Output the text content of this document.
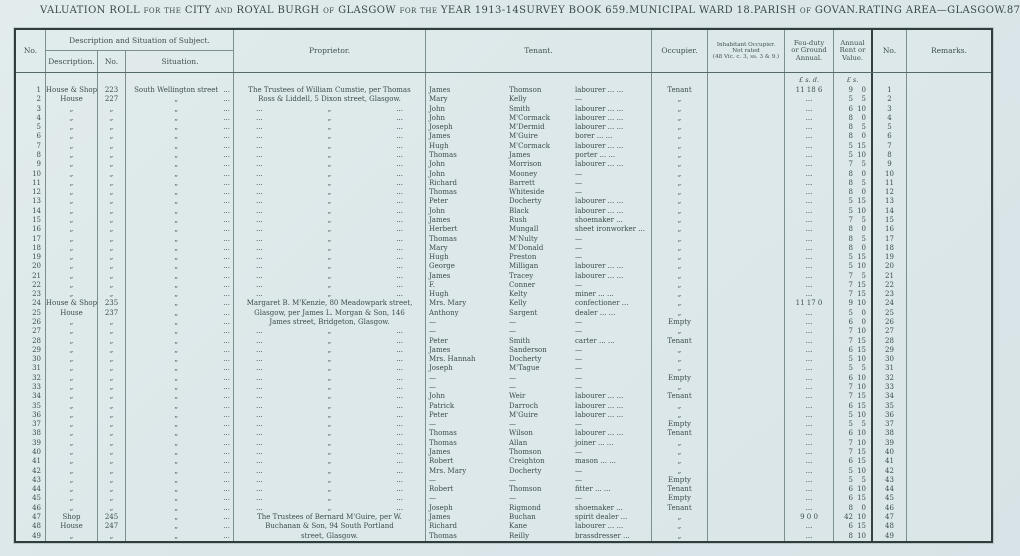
VALUATION ROLL for the CITY and ROYAL BURGH of GLASGOW for the YEAR 1913-14 SURVEY BOOK 659. MUNICIPAL WARD 18. PARISH of GOVAN. RATING AREA—GLASGOW. 87
No.
Description and Situation of Subject.
Description.	No.	Situation.
Proprietor.	Tenant.	Occupier.
Inhabitant Occupier.
Not rated
(48 Vic. c. 3, ss. 3 & 9.)
Feu-duty
or Ground
Annual.
Annual
Rent or
Value.
No.	Remarks.
£ s. d.	£ s.
1 House & Shop	223	South Wellington street ...	The Trustees of William Cumstie, per Thomas	James	Thomson	labourer ... ...	Tenant	11 18 6	9	0	1
2	House	227	„	...	Ross & Liddell, 5 Dixon street, Glasgow.	Mary	Kelly	—	„	...	5	5	2
3	„	„	„	...	...	„	...	John	Smith	labourer ... ...	„	...	6 10	3
4	„	„	„	...	...	„	...	John	M'Cormack	labourer ... ...	„	...	8	0	4
5	„	„	„	...	...	„	...	Joseph	M'Dermid	labourer ... ...	„	...	8	5	5
6	„	„	„	...	...	„	...	James	M'Guire	borer ... ...	„	...	8	0	6
7	„	„	„	...	...	„	...	Hugh	M'Cormack	labourer ... ...	„	...	5 15	7
8	„	„	„	...	...	„	...	Thomas	James	porter ... ...	„	...	5 10	8
9	„	„	„	...	...	„	...	John	Morrison	labourer ... ...	„	...	7	5	9
10	„	„	„	...	...	„	...	John	Mooney	—	„	...	8	0	10
11	„	„	„	...	...	„	...	Richard	Barrett	—	„	...	8	5	11
12	„	„	„	...	...	„	...	Thomas	Whiteside	—	„	...	8	0	12
13	„	„	„	...	...	„	...	Peter	Docherty	labourer ... ...	„	...	5 15	13
14	„	„	„	...	...	„	...	John	Black	labourer ... ...	„	...	5 10	14
15	„	„	„	...	...	„	...	James	Rush	shoemaker ...	„	...	7	5	15
16	„	„	„	...	...	„	...	Herbert	Mungall	sheet ironworker ...	„	...	8	0	16
17	„	„	„	...	...	„	...	Thomas	M'Nulty	—	„	...	8	5	17
18	„	„	„	...	...	„	...	Mary	M'Donald	—	„	...	8	0	18
19	„	„	„	...	...	„	...	Hugh	Preston	—	„	...	5 15	19
20	„	„	„	...	...	„	...	George	Milligan	labourer ... ...	„	...	5 10	20
21	„	„	„	...	...	„	...	James	Tracey	labourer ... ...	„	...	7	5	21
22	„	„	„	...	...	„	...	F.	Conner	—	„	...	7 15	22
23	„	„	„	...	...	„	...	Hugh	Kelty	miner ... ...	„	...	7 15	23
24 House & Shop	235	„	...	Margaret B. M'Kenzie, 80 Meadowpark street,	Mrs. Mary	Kelly	confectioner ...	„	11 17 0	9 10	24
25	House	237	„	...	Glasgow, per James L. Morgan & Son, 146	Anthony	Sargent	dealer ... ...	„	...	5	0	25
26	„	„	„	...	James street, Bridgeton, Glasgow.	—	—	—	Empty	...	6	0	26
27	„	„	„	...	...	„	...	—	—	—	„	...	7 10	27
28	„	„	„	...	...	„	...	Peter	Smith	carter ... ...	Tenant	...	7 15	28
29	„	„	„	...	...	„	...	James	Sanderson	—	„	...	6 15	29
30	„	„	„	...	...	„	...	Mrs. Hannah	Docherty	—	„	...	5 10	30
31	„	„	„	...	...	„	...	Joseph	M'Tague	—	„	...	5	5	31
32	„	„	„	...	...	„	...	—	—	—	Empty	...	6 10	32
33	„	„	„	...	...	„	...	—	—	—	„	...	7 10	33
34	„	„	„	...	...	„	...	John	Weir	labourer ... ...	Tenant	...	7 15	34
35	„	„	„	...	...	„	...	Patrick	Darroch	labourer ... ...	„	...	6 15	35
36	„	„	„	...	...	„	...	Peter	M'Guire	labourer ... ...	„	...	5 10	36
37	„	„	„	...	...	„	...	—	—	—	Empty	...	5	5	37
38	„	„	„	...	...	„	...	Thomas	Wilson	labourer ... ...	Tenant	...	6 10	38
39	„	„	„	...	...	„	...	Thomas	Allan	joiner ... ...	„	...	7 10	39
40	„	„	„	...	...	„	...	James	Thomson	—	„	...	7 15	40
41	„	„	„	...	...	„	...	Robert	Creighton	mason ... ...	„	...	6 15	41
42	„	„	„	...	...	„	...	Mrs. Mary	Docherty	—	„	...	5 10	42
43	„	„	„	...	...	„	...	—	—	—	Empty	...	5	5	43
44	„	„	„	...	...	„	...	Robert	Thomson	fitter ... ...	Tenant	...	6 10	44
45	„	„	„	...	...	„	...	—	—	—	Empty	...	6 15	45
46	„	„	„	...	...	„	...	Joseph	Rigmond	shoemaker ...	Tenant	...	8	0	46
47	Shop	245	„	...	The Trustees of Bernard M'Guire, per W.	James	Buchan	spirit dealer ...	„	9 0 0	42 10	47
48	House	247	„	...	Buchanan & Son, 94 South Portland	Richard	Kane	labourer ... ...	„	...	6 15	48
49	„	„	„	...	street, Glasgow.	Thomas	Reilly	brassdresser ...	„	...	8 10	49
